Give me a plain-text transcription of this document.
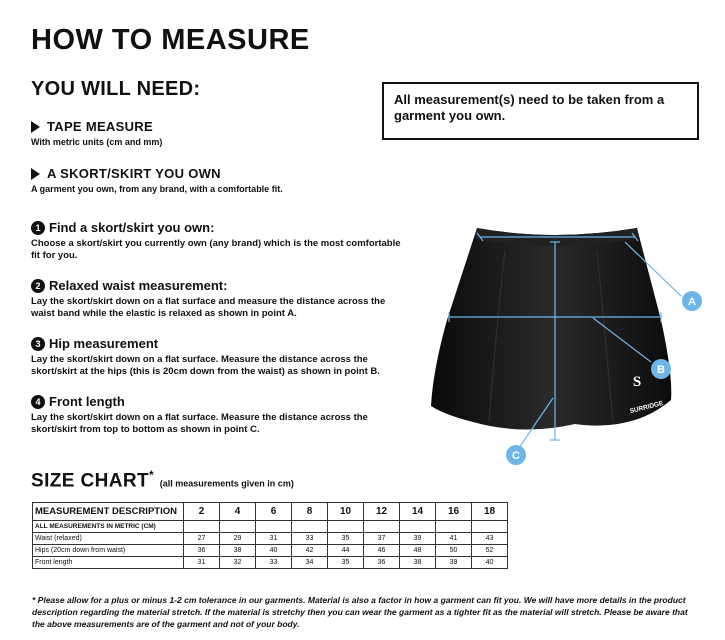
HOW TO MEASURE
YOU WILL NEED:
TAPE MEASURE
With metric units (cm and mm)
A SKORT/SKIRT YOU OWN
A garment you own, from any brand, with a comfortable fit.
All measurement(s) need to be taken from a garment you own.
1 Find a skort/skirt you own:
Choose a skort/skirt you currently own (any brand) which is the most comfortable fit for you.
2 Relaxed waist measurement:
Lay the skort/skirt down on a flat surface and measure the distance across the waist band while the elastic is relaxed as shown in point A.
3 Hip measurement
Lay the skort/skirt down on a flat surface. Measure the distance across the skort/skirt at the hips (this is 20cm down from the waist) as shown in point B.
4 Front length
Lay the skort/skirt down on a flat surface. Measure the distance across the skort/skirt from top to bottom as shown in point C.
A
B
C
S
SURRIDGE
SIZE CHART* (all measurements given in cm)
MEASUREMENT DESCRIPTION	2	4	6	8	10	12	14	16	18
ALL MEASUREMENTS IN METRIC (CM)									
Waist (relaxed)	27	29	31	33	35	37	39	41	43
Hips (20cm down from waist)	36	38	40	42	44	46	48	50	52
Front length	31	32	33	34	35	36	38	39	40
* Please allow for a plus or minus 1-2 cm tolerance in our garments. Material is also a factor in how a garment can fit you. We will have more details in the product description regarding the material stretch. If the material is stretchy then you can wear the garment as a tighter fit as the material will stretch. Please be aware that the above measurements are of the garment and not of your body.
